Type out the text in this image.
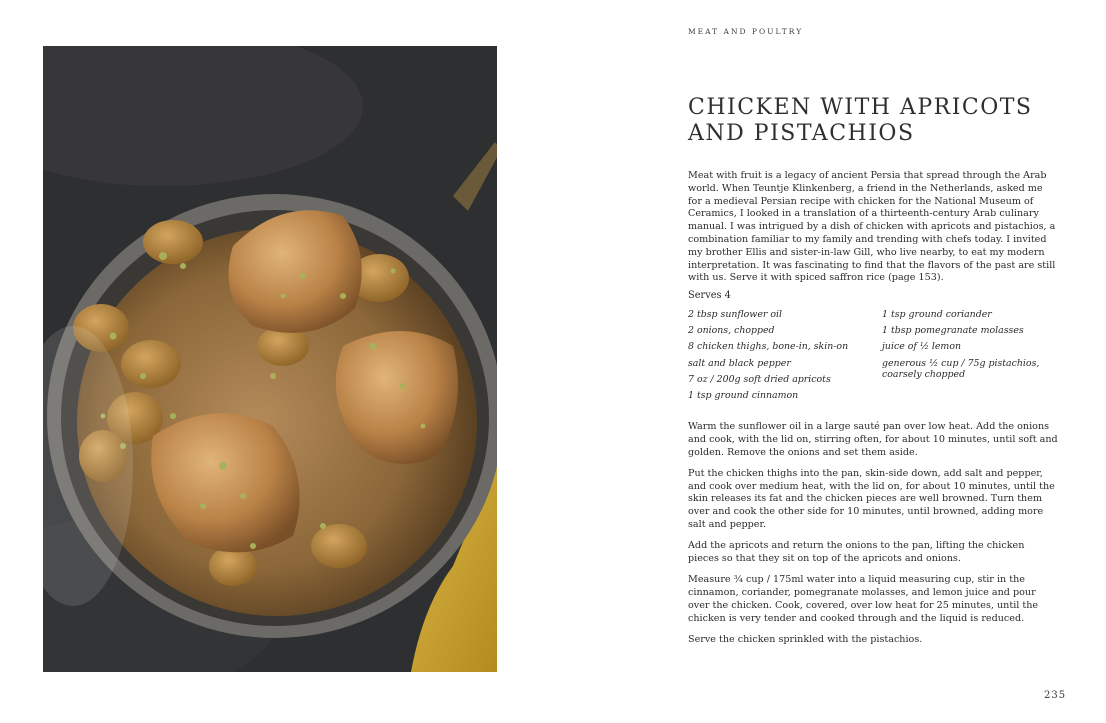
MEAT AND POULTRY
CHICKEN WITH APRICOTS
AND PISTACHIOS

Meat with fruit is a legacy of ancient Persia that spread through the Arab world. When Teuntje Klinkenberg, a friend in the Netherlands, asked me for a medieval Persian recipe with chicken for the National Museum of Ceramics, I looked in a translation of a thirteenth-century Arab culinary manual. I was intrigued by a dish of chicken with apricots and pistachios, a combination familiar to my family and trending with chefs today. I invited my brother Ellis and sister-in-law Gill, who live nearby, to eat my modern interpretation. It was fascinating to find that the flavors of the past are still with us. Serve it with spiced saffron rice (page 153).

Serves 4
2 tbsp sunflower oil
2 onions, chopped
8 chicken thighs, bone-in, skin-on
salt and black pepper
7 oz / 200g soft dried apricots
1 tsp ground cinnamon
1 tsp ground coriander
1 tbsp pomegranate molasses
juice of ½ lemon
generous ½ cup / 75g pistachios, coarsely chopped

Warm the sunflower oil in a large sauté pan over low heat. Add the onions and cook, with the lid on, stirring often, for about 10 minutes, until soft and golden. Remove the onions and set them aside.

Put the chicken thighs into the pan, skin-side down, add salt and pepper, and cook over medium heat, with the lid on, for about 10 minutes, until the skin releases its fat and the chicken pieces are well browned. Turn them over and cook the other side for 10 minutes, until browned, adding more salt and pepper.

Add the apricots and return the onions to the pan, lifting the chicken pieces so that they sit on top of the apricots and onions.

Measure ¾ cup / 175ml water into a liquid measuring cup, stir in the cinnamon, coriander, pomegranate molasses, and lemon juice and pour over the chicken. Cook, covered, over low heat for 25 minutes, until the chicken is very tender and cooked through and the liquid is reduced.

Serve the chicken sprinkled with the pistachios.

235
